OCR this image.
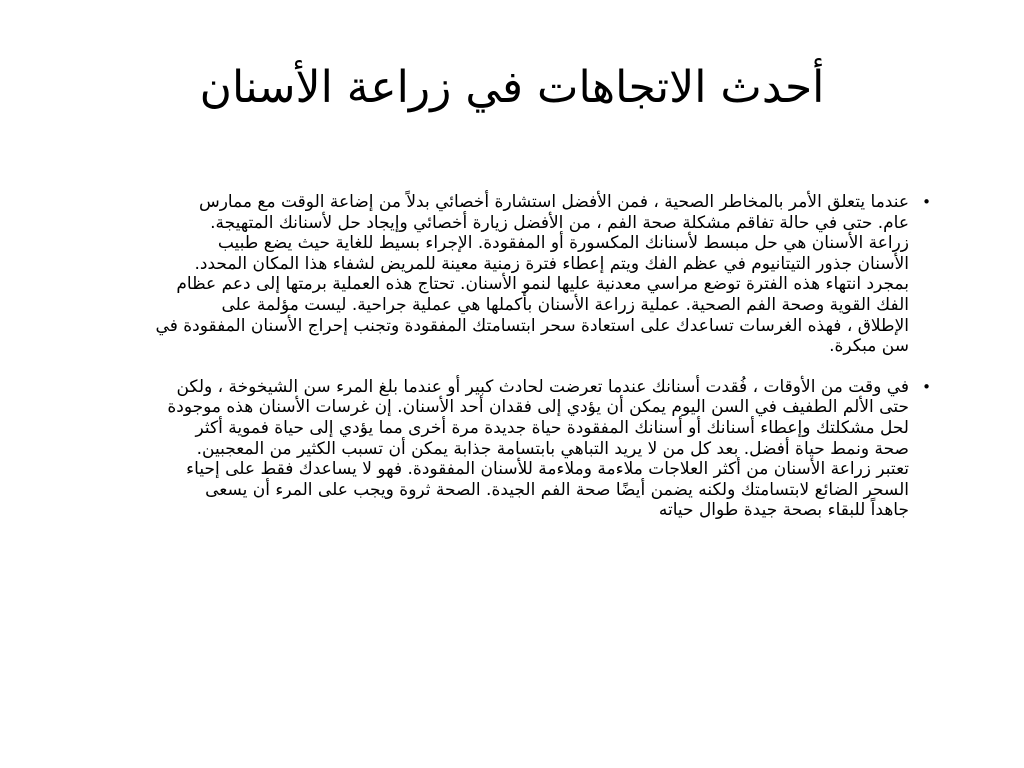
أحدث الاتجاهات في زراعة الأسنان
•
عندما يتعلق الأمر بالمخاطر الصحية ، فمن الأفضل استشارة أخصائي بدلاً من إضاعة الوقت مع ممارس
عام. حتى في حالة تفاقم مشكلة صحة الفم ، من الأفضل زيارة أخصائي وإيجاد حل لأسنانك المتهيجة.
زراعة الأسنان هي حل مبسط لأسنانك المكسورة أو المفقودة. الإجراء بسيط للغاية حيث يضع طبيب
الأسنان جذور التيتانيوم في عظم الفك ويتم إعطاء فترة زمنية معينة للمريض لشفاء هذا المكان المحدد.
بمجرد انتهاء هذه الفترة توضع مراسي معدنية عليها لنمو الأسنان. تحتاج هذه العملية برمتها إلى دعم عظام
الفك القوية وصحة الفم الصحية. عملية زراعة الأسنان بأكملها هي عملية جراحية. ليست مؤلمة على
الإطلاق ، فهذه الغرسات تساعدك على استعادة سحر ابتسامتك المفقودة وتجنب إحراج الأسنان المفقودة في
سن مبكرة.
•
في وقت من الأوقات ، فُقدت أسنانك عندما تعرضت لحادث كبير أو عندما بلغ المرء سن الشيخوخة ، ولكن
حتى الألم الطفيف في السن اليوم يمكن أن يؤدي إلى فقدان أحد الأسنان. إن غرسات الأسنان هذه موجودة
لحل مشكلتك وإعطاء أسنانك أو أسنانك المفقودة حياة جديدة مرة أخرى مما يؤدي إلى حياة فموية أكثر
صحة ونمط حياة أفضل. بعد كل من لا يريد التباهي بابتسامة جذابة يمكن أن تسبب الكثير من المعجبين.
تعتبر زراعة الأسنان من أكثر العلاجات ملاءمة وملاءمة للأسنان المفقودة. فهو لا يساعدك فقط على إحياء
السحر الضائع لابتسامتك ولكنه يضمن أيضًا صحة الفم الجيدة. الصحة ثروة ويجب على المرء أن يسعى
جاهداً للبقاء بصحة جيدة طوال حياته
